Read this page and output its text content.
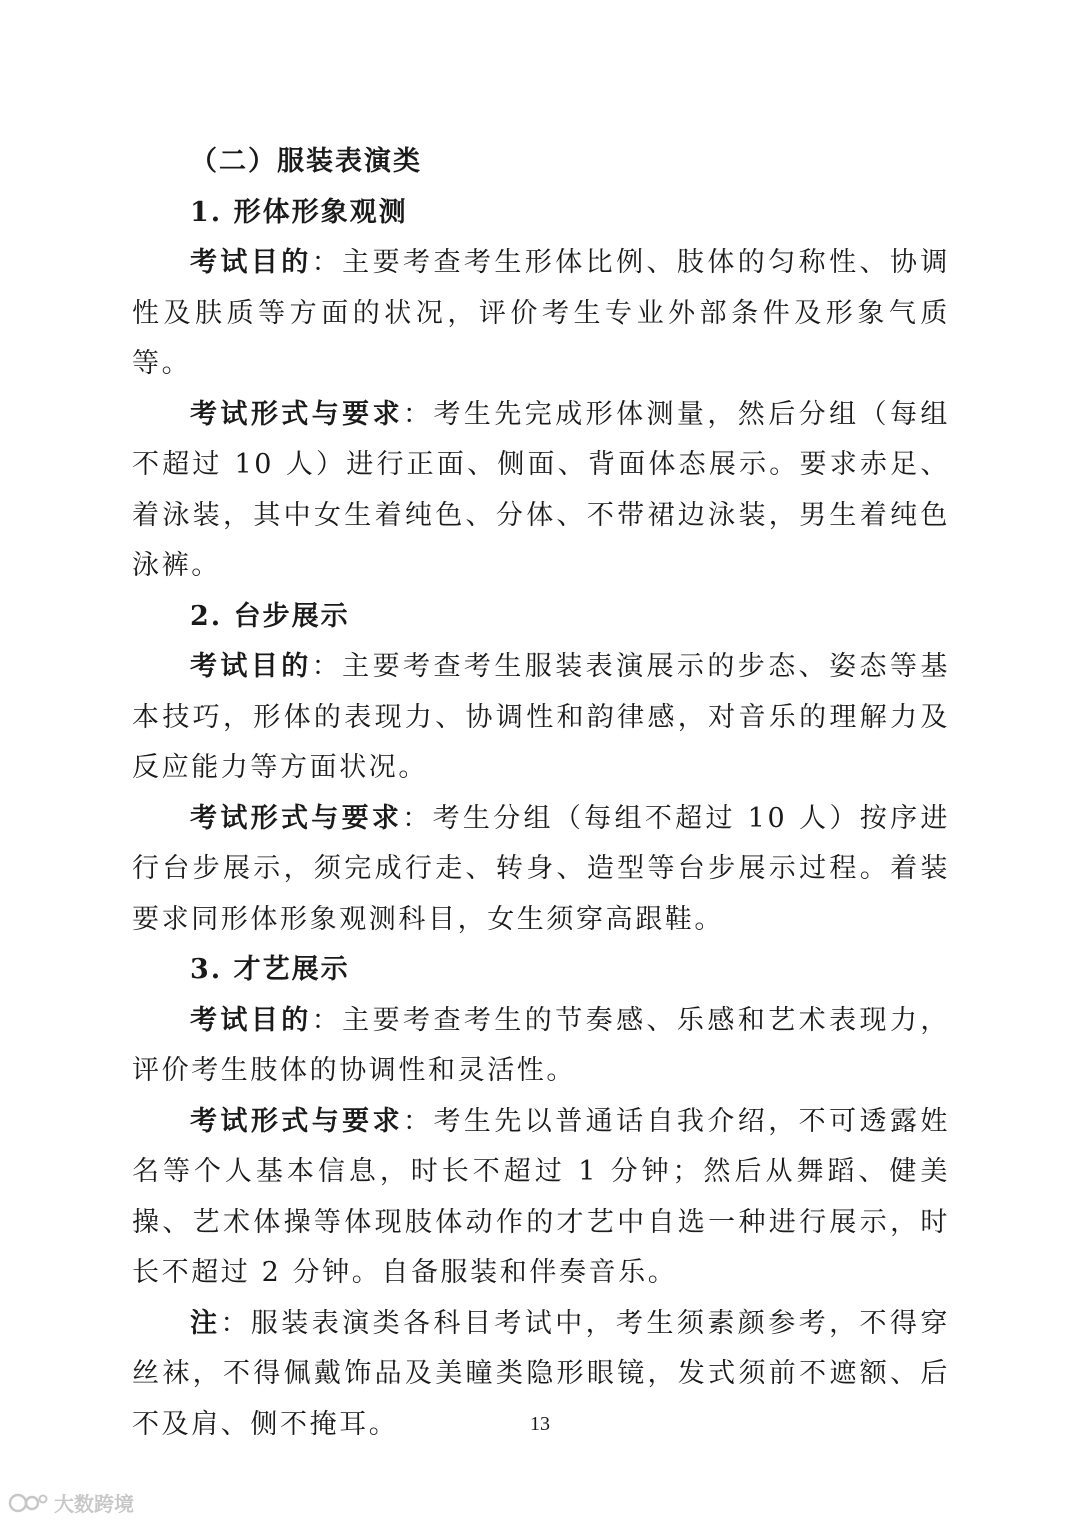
（二）服装表演类

1. 形体形象观测

考试目的：主要考查考生形体比例、肢体的匀称性、协调性及肤质等方面的状况，评价考生专业外部条件及形象气质等。

考试形式与要求：考生先完成形体测量，然后分组（每组不超过 10 人）进行正面、侧面、背面体态展示。要求赤足、着泳装，其中女生着纯色、分体、不带裙边泳装，男生着纯色泳裤。

2. 台步展示

考试目的：主要考查考生服装表演展示的步态、姿态等基本技巧，形体的表现力、协调性和韵律感，对音乐的理解力及反应能力等方面状况。

考试形式与要求：考生分组（每组不超过 10 人）按序进行台步展示，须完成行走、转身、造型等台步展示过程。着装要求同形体形象观测科目，女生须穿高跟鞋。

3. 才艺展示

考试目的：主要考查考生的节奏感、乐感和艺术表现力，评价考生肢体的协调性和灵活性。

考试形式与要求：考生先以普通话自我介绍，不可透露姓名等个人基本信息，时长不超过 1 分钟；然后从舞蹈、健美操、艺术体操等体现肢体动作的才艺中自选一种进行展示，时长不超过 2 分钟。自备服装和伴奏音乐。

注：服装表演类各科目考试中，考生须素颜参考，不得穿丝袜，不得佩戴饰品及美瞳类隐形眼镜，发式须前不遮额、后不及肩、侧不掩耳。	13
大数跨境
